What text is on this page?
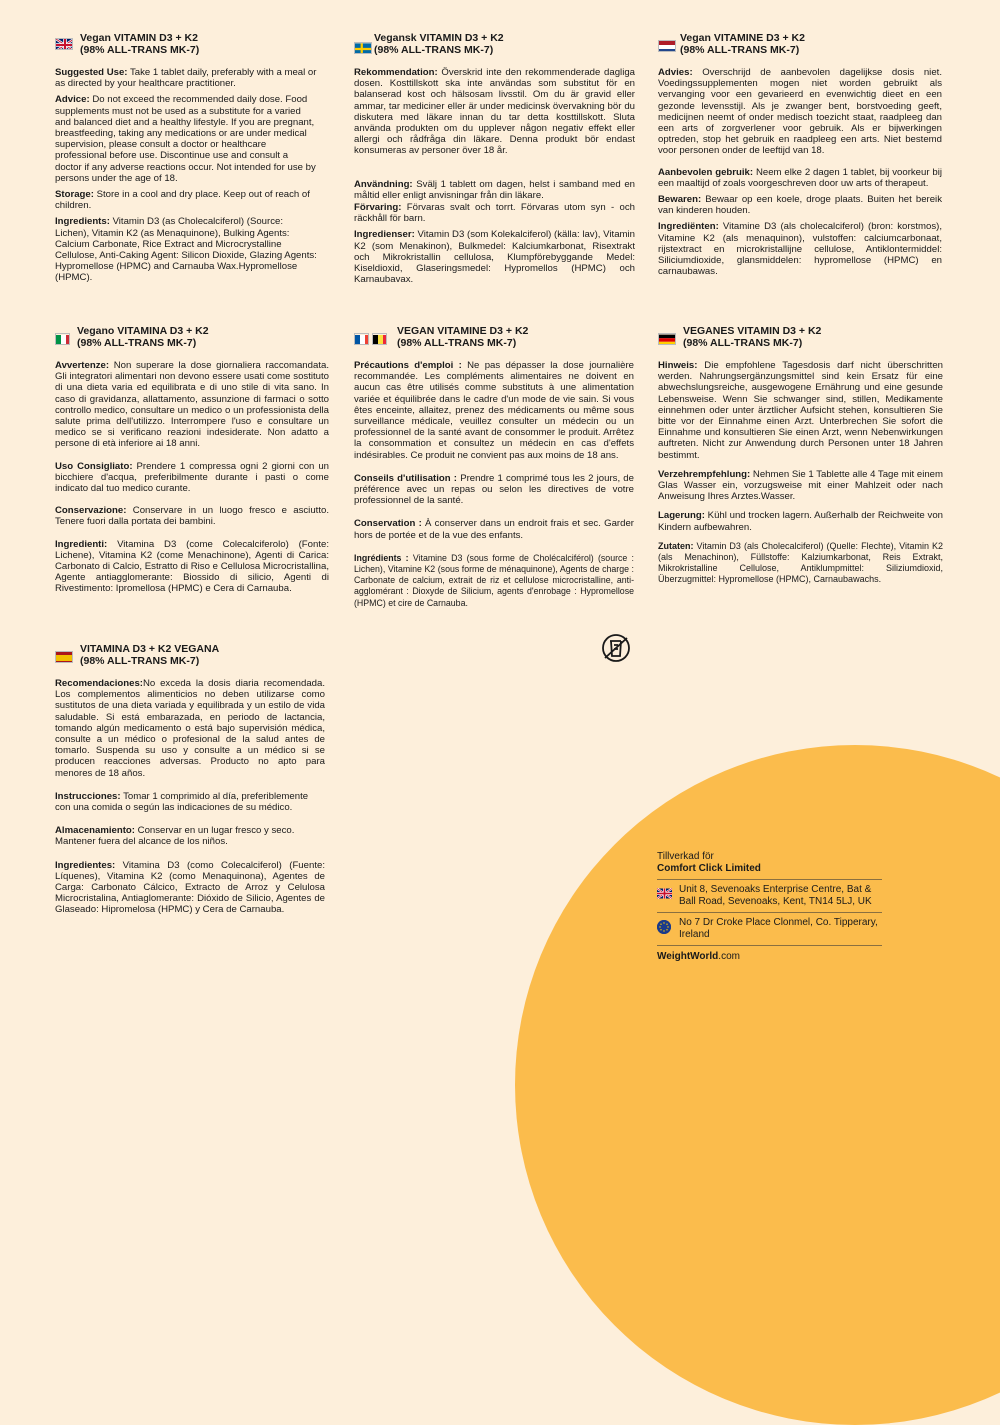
Vegan VITAMIN D3 + K2
(98% ALL-TRANS MK-7)

Suggested Use: Take 1 tablet daily, preferably with a meal or as directed by your healthcare practitioner.

Advice: Do not exceed the recommended daily dose. Food supplements must not be used as a substitute for a varied and balanced diet and a healthy lifestyle. If you are pregnant, breastfeeding, taking any medications or are under medical supervision, please consult a doctor or healthcare professional before use. Discontinue use and consult a doctor if any adverse reactions occur. Not intended for use by persons under the age of 18.

Storage: Store in a cool and dry place. Keep out of reach of children.

Ingredients: Vitamin D3 (as Cholecalciferol) (Source: Lichen), Vitamin K2 (as Menaquinone), Bulking Agents: Calcium Carbonate, Rice Extract and Microcrystalline Cellulose, Anti-Caking Agent: Silicon Dioxide, Glazing Agents: Hypromellose (HPMC) and Carnauba Wax.Hypromellose (HPMC).

Vegansk VITAMIN D3 + K2
(98% ALL-TRANS MK-7)

Rekommendation: Överskrid inte den rekommenderade dagliga dosen. Kosttillskott ska inte användas som substitut för en balanserad kost och hälsosam livsstil. Om du är gravid eller ammar, tar mediciner eller är under medicinsk övervakning bör du diskutera med läkare innan du tar detta kosttillskott. Sluta använda produkten om du upplever någon negativ effekt eller allergi och rådfråga din läkare. Denna produkt bör endast konsumeras av personer över 18 år.

Användning: Svälj 1 tablett om dagen, helst i samband med en måltid eller enligt anvisningar från din läkare.

Förvaring: Förvaras svalt och torrt. Förvaras utom syn - och räckhåll för barn.

Ingredienser: Vitamin D3 (som Kolekalciferol) (källa: lav), Vitamin K2 (som Menakinon), Bulkmedel: Kalciumkarbonat, Risextrakt och Mikrokristallin cellulosa, Klumpförebyggande Medel: Kiseldioxid, Glaseringsmedel: Hypromellos (HPMC) och Karnaubavax.

Vegan VITAMINE D3 + K2
(98% ALL-TRANS MK-7)

Advies: Overschrijd de aanbevolen dagelijkse dosis niet. Voedingssupplementen mogen niet worden gebruikt als vervanging voor een gevarieerd en evenwichtig dieet en een gezonde levensstijl. Als je zwanger bent, borstvoeding geeft, medicijnen neemt of onder medisch toezicht staat, raadpleeg dan een arts of zorgverlener voor gebruik. Als er bijwerkingen optreden, stop het gebruik en raadpleeg een arts. Niet bestemd voor personen onder de leeftijd van 18.

Aanbevolen gebruik: Neem elke 2 dagen 1 tablet, bij voorkeur bij een maaltijd of zoals voorgeschreven door uw arts of therapeut.

Bewaren: Bewaar op een koele, droge plaats. Buiten het bereik van kinderen houden.

Ingrediënten: Vitamine D3 (als cholecalciferol) (bron: korstmos), Vitamine K2 (als menaquinon), vulstoffen: calciumcarbonaat, rijstextract en microkristallijne cellulose, Antiklontermiddel: Siliciumdioxide, glansmiddelen: hypromellose (HPMC) en carnaubawas.

Vegano VITAMINA D3 + K2
(98% ALL-TRANS MK-7)

Avvertenze: Non superare la dose giornaliera raccomandata. Gli integratori alimentari non devono essere usati come sostituto di una dieta varia ed equilibrata e di uno stile di vita sano. In caso di gravidanza, allattamento, assunzione di farmaci o sotto controllo medico, consultare un medico o un professionista della salute prima dell'utilizzo. Interrompere l'uso e consultare un medico se si verificano reazioni indesiderate. Non adatto a persone di età inferiore ai 18 anni.

Uso Consigliato: Prendere 1 compressa ogni 2 giorni con un bicchiere d'acqua, preferibilmente durante i pasti o come indicato dal tuo medico curante.

Conservazione: Conservare in un luogo fresco e asciutto. Tenere fuori dalla portata dei bambini.

Ingredienti: Vitamina D3 (come Colecalciferolo) (Fonte: Lichene), Vitamina K2 (come Menachinone), Agenti di Carica: Carbonato di Calcio, Estratto di Riso e Cellulosa Microcristallina, Agente antiagglomerante: Biossido di silicio, Agenti di Rivestimento: Ipromellosa (HPMC) e Cera di Carnauba.

VEGAN VITAMINE D3 + K2
(98% ALL-TRANS MK-7)

Précautions d'emploi : Ne pas dépasser la dose journalière recommandée. Les compléments alimentaires ne doivent en aucun cas être utilisés comme substituts à une alimentation variée et équilibrée dans le cadre d'un mode de vie sain. Si vous êtes enceinte, allaitez, prenez des médicaments ou même sous surveillance médicale, veuillez consulter un médecin ou un professionnel de la santé avant de consommer le produit. Arrêtez la consommation et consultez un médecin en cas d'effets indésirables. Ce produit ne convient pas aux moins de 18 ans.

Conseils d'utilisation : Prendre 1 comprimé tous les 2 jours, de préférence avec un repas ou selon les directives de votre professionnel de la santé.

Conservation : À conserver dans un endroit frais et sec. Garder hors de portée et de la vue des enfants.

Ingrédients : Vitamine D3 (sous forme de Cholécalciférol) (source : Lichen), Vitamine K2 (sous forme de ménaquinone), Agents de charge : Carbonate de calcium, extrait de riz et cellulose microcristalline, anti-agglomérant : Dioxyde de Silicium, agents d'enrobage : Hypromellose (HPMC) et cire de Carnauba.

VEGANES VITAMIN D3 + K2
(98% ALL-TRANS MK-7)

Hinweis: Die empfohlene Tagesdosis darf nicht überschritten werden. Nahrungsergänzungsmittel sind kein Ersatz für eine abwechslungsreiche, ausgewogene Ernährung und eine gesunde Lebensweise. Wenn Sie schwanger sind, stillen, Medikamente einnehmen oder unter ärztlicher Aufsicht stehen, konsultieren Sie bitte vor der Einnahme einen Arzt. Unterbrechen Sie sofort die Einnahme und konsultieren Sie einen Arzt, wenn Nebenwirkungen auftreten. Nicht zur Anwendung durch Personen unter 18 Jahren bestimmt.

Verzehrempfehlung: Nehmen Sie 1 Tablette alle 4 Tage mit einem Glas Wasser ein, vorzugsweise mit einer Mahlzeit oder nach Anweisung Ihres Arztes.Wasser.

Lagerung: Kühl und trocken lagern. Außerhalb der Reichweite von Kindern aufbewahren.

Zutaten: Vitamin D3 (als Cholecalciferol) (Quelle: Flechte), Vitamin K2 (als Menachinon), Füllstoffe: Kalziumkarbonat, Reis Extrakt, Mikrokristalline Cellulose, Antiklumpmittel: Siliziumdioxid, Überzugmittel: Hypromellose (HPMC), Carnaubawachs.

VITAMINA D3 + K2 VEGANA
(98% ALL-TRANS MK-7)

Recomendaciones:No exceda la dosis diaria recomendada. Los complementos alimenticios no deben utilizarse como sustitutos de una dieta variada y equilibrada y un estilo de vida saludable. Si está embarazada, en periodo de lactancia, tomando algún medicamento o está bajo supervisión médica, consulte a un médico o profesional de la salud antes de tomarlo. Suspenda su uso y consulte a un médico si se producen reacciones adversas. Producto no apto para menores de 18 años.

Instrucciones: Tomar 1 comprimido al día, preferiblemente con una comida o según las indicaciones de su médico.

Almacenamiento: Conservar en un lugar fresco y seco. Mantener fuera del alcance de los niños.

Ingredientes: Vitamina D3 (como Colecalciferol) (Fuente: Líquenes), Vitamina K2 (como Menaquinona), Agentes de Carga: Carbonato Cálcico, Extracto de Arroz y Celulosa Microcristalina, Antiaglomerante: Dióxido de Silicio, Agentes de Glaseado: Hipromelosa (HPMC) y Cera de Carnauba.

Tillverkad för
Comfort Click Limited
Unit 8, Sevenoaks Enterprise Centre, Bat & Ball Road, Sevenoaks, Kent, TN14 5LJ, UK
No 7 Dr Croke Place Clonmel, Co. Tipperary, Ireland
WeightWorld.com
